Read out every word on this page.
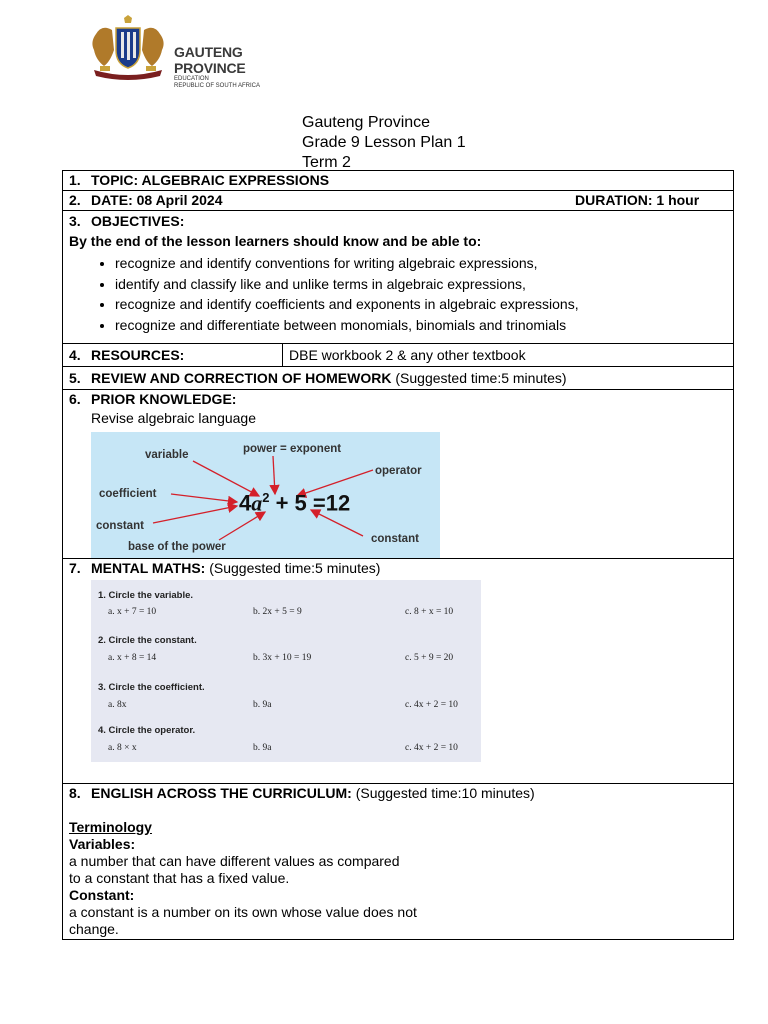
GAUTENG PROVINCE
EDUCATION
REPUBLIC OF SOUTH AFRICA
Gauteng Province
Grade 9 Lesson Plan 1
Term 2
1. TOPIC: ALGEBRAIC EXPRESSIONS
2. DATE: 08 April 2024	DURATION: 1 hour

3. OBJECTIVES:
By the end of the lesson learners should know and be able to:
• recognize and identify conventions for writing algebraic expressions,
• identify and classify like and unlike terms in algebraic expressions,
• recognize and identify coefficients and exponents in algebraic expressions,
• recognize and differentiate between monomials, binomials and trinomials

4. RESOURCES:	DBE workbook 2 & any other textbook
5. REVIEW AND CORRECTION OF HOMEWORK (Suggested time:5 minutes)

6. PRIOR KNOWLEDGE:
Revise algebraic language
variable	power = exponent
operator
coefficient
constant
base of the power
constant
$4a^2 + 5 =12$

7. MENTAL MATHS: (Suggested time:5 minutes)
1. Circle the variable.
a. x + 7 = 10	b. 2x + 5 = 9	c. 8 + x = 10
2. Circle the constant.
a. x + 8 = 14	b. 3x + 10 = 19	c. 5 + 9 = 20
3. Circle the coefficient.
a. 8x	b. 9a	c. 4x + 2 = 10
4. Circle the operator.
a. 8 × x	b. 9a	c. 4x + 2 = 10

8. ENGLISH ACROSS THE CURRICULUM: (Suggested time:10 minutes)
Terminology
Variables:
a number that can have different values as compared
to a constant that has a fixed value.
Constant:
a constant is a number on its own whose value does not
change.
